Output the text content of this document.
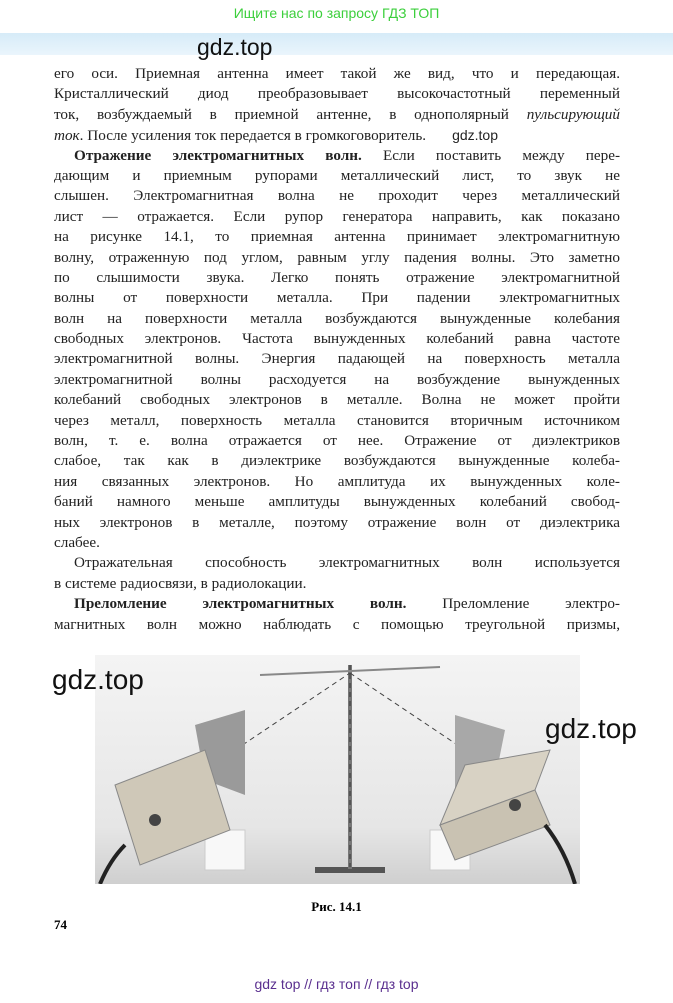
Ищите нас по запросу ГДЗ ТОП
gdz.top
его оси. Приемная антенна имеет такой же вид, что и передающая.
Кристаллический диод преобразовывает высокочастотный переменный
ток, возбуждаемый в приемной антенне, в однополярный пульсирующий
ток. После усиления ток передается в громкоговоритель. gdz.top
Отражение электромагнитных волн. Если поставить между пере-
дающим и приемным рупорами металлический лист, то звук не
слышен. Электромагнитная волна не проходит через металлический
лист — отражается. Если рупор генератора направить, как показано
на рисунке 14.1, то приемная антенна принимает электромагнитную
волну, отраженную под углом, равным углу падения волны. Это заметно
по слышимости звука. Легко понять отражение электромагнитной
волны от поверхности металла. При падении электромагнитных
волн на поверхности металла возбуждаются вынужденные колебания
свободных электронов. Частота вынужденных колебаний равна частоте
электромагнитной волны. Энергия падающей на поверхность металла
электромагнитной волны расходуется на возбуждение вынужденных
колебаний свободных электронов в металле. Волна не может пройти
через металл, поверхность металла становится вторичным источником
волн, т. е. волна отражается от нее. Отражение от диэлектриков
слабое, так как в диэлектрике возбуждаются вынужденные колеба-
ния связанных электронов. Но амплитуда их вынужденных коле-
баний намного меньше амплитуды вынужденных колебаний свобод-
ных электронов в металле, поэтому отражение волн от диэлектрика
слабее.
Отражательная способность электромагнитных волн используется
в системе радиосвязи, в радиолокации.
Преломление электромагнитных волн. Преломление электро-
магнитных волн можно наблюдать с помощью треугольной призмы,
gdz.top
gdz.top
Рис. 14.1
74
gdz top // гдз топ // гдз top
